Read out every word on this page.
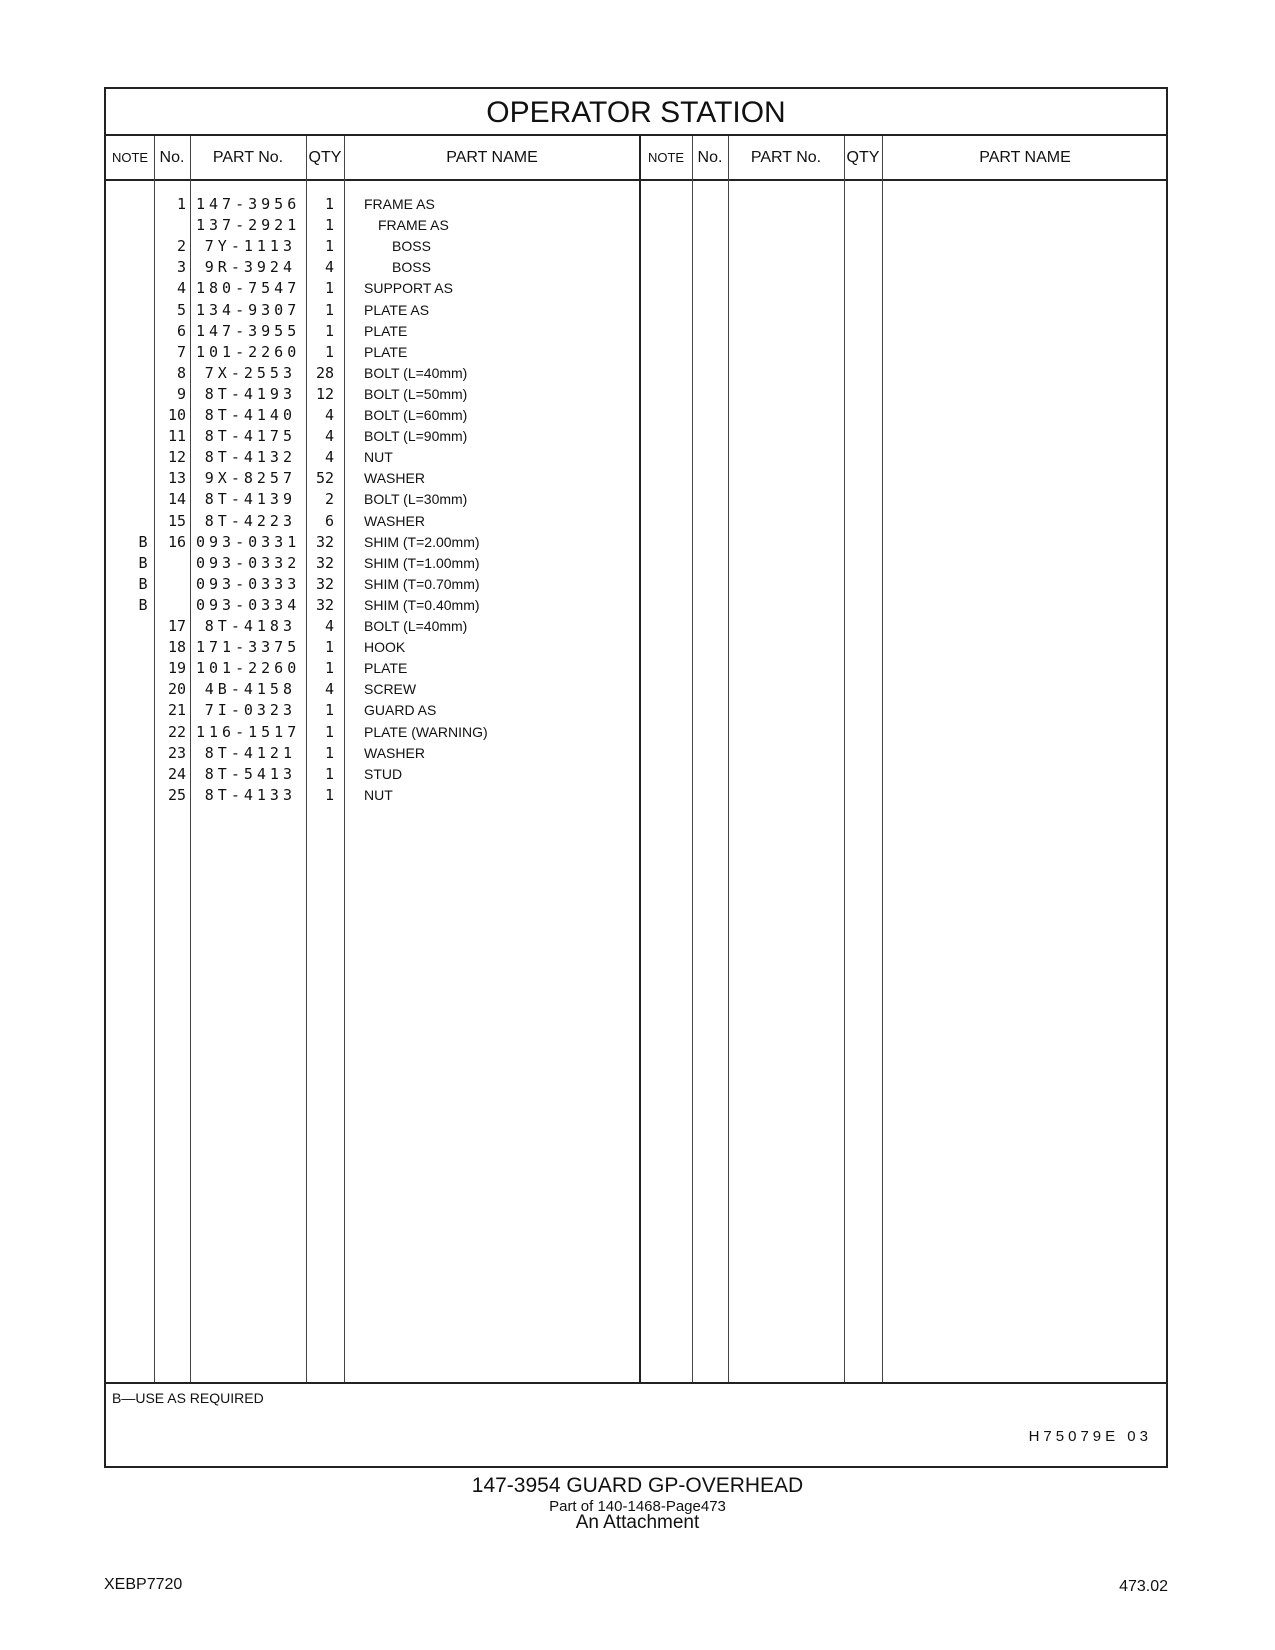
OPERATOR STATION
NOTE No.	PART No.	QTY	PART NAME	NOTE No.	PART No.	QTY	PART NAME
1 147-3956	1 FRAME AS
137-2921	1	FRAME AS
2	7Y-1113	1	BOSS
3	9R-3924	4	BOSS
4 180-7547	1 SUPPORT AS
5 134-9307	1 PLATE AS
6 147-3955	1 PLATE
7 101-2260	1 PLATE
8	7X-2553	28 BOLT (L=40mm)
9	8T-4193	12 BOLT (L=50mm)
10	8T-4140	4 BOLT (L=60mm)
11	8T-4175	4 BOLT (L=90mm)
12	8T-4132	4 NUT
13	9X-8257	52 WASHER
14	8T-4139	2 BOLT (L=30mm)
15	8T-4223	6 WASHER
B	16 093-0331	32 SHIM (T=2.00mm)
B	093-0332	32 SHIM (T=1.00mm)
B	093-0333	32 SHIM (T=0.70mm)
B	093-0334	32 SHIM (T=0.40mm)
17	8T-4183	4 BOLT (L=40mm)
18 171-3375	1 HOOK
19 101-2260	1 PLATE
20	4B-4158	4 SCREW
21	7I-0323	1 GUARD AS
22 116-1517	1 PLATE (WARNING)
23	8T-4121	1 WASHER
24	8T-5413	1 STUD
25	8T-4133	1 NUT
B—USE AS REQUIRED
H75079E 03
147-3954 GUARD GP-OVERHEAD
Part of 140-1468-Page473
An Attachment
XEBP7720	473.02
